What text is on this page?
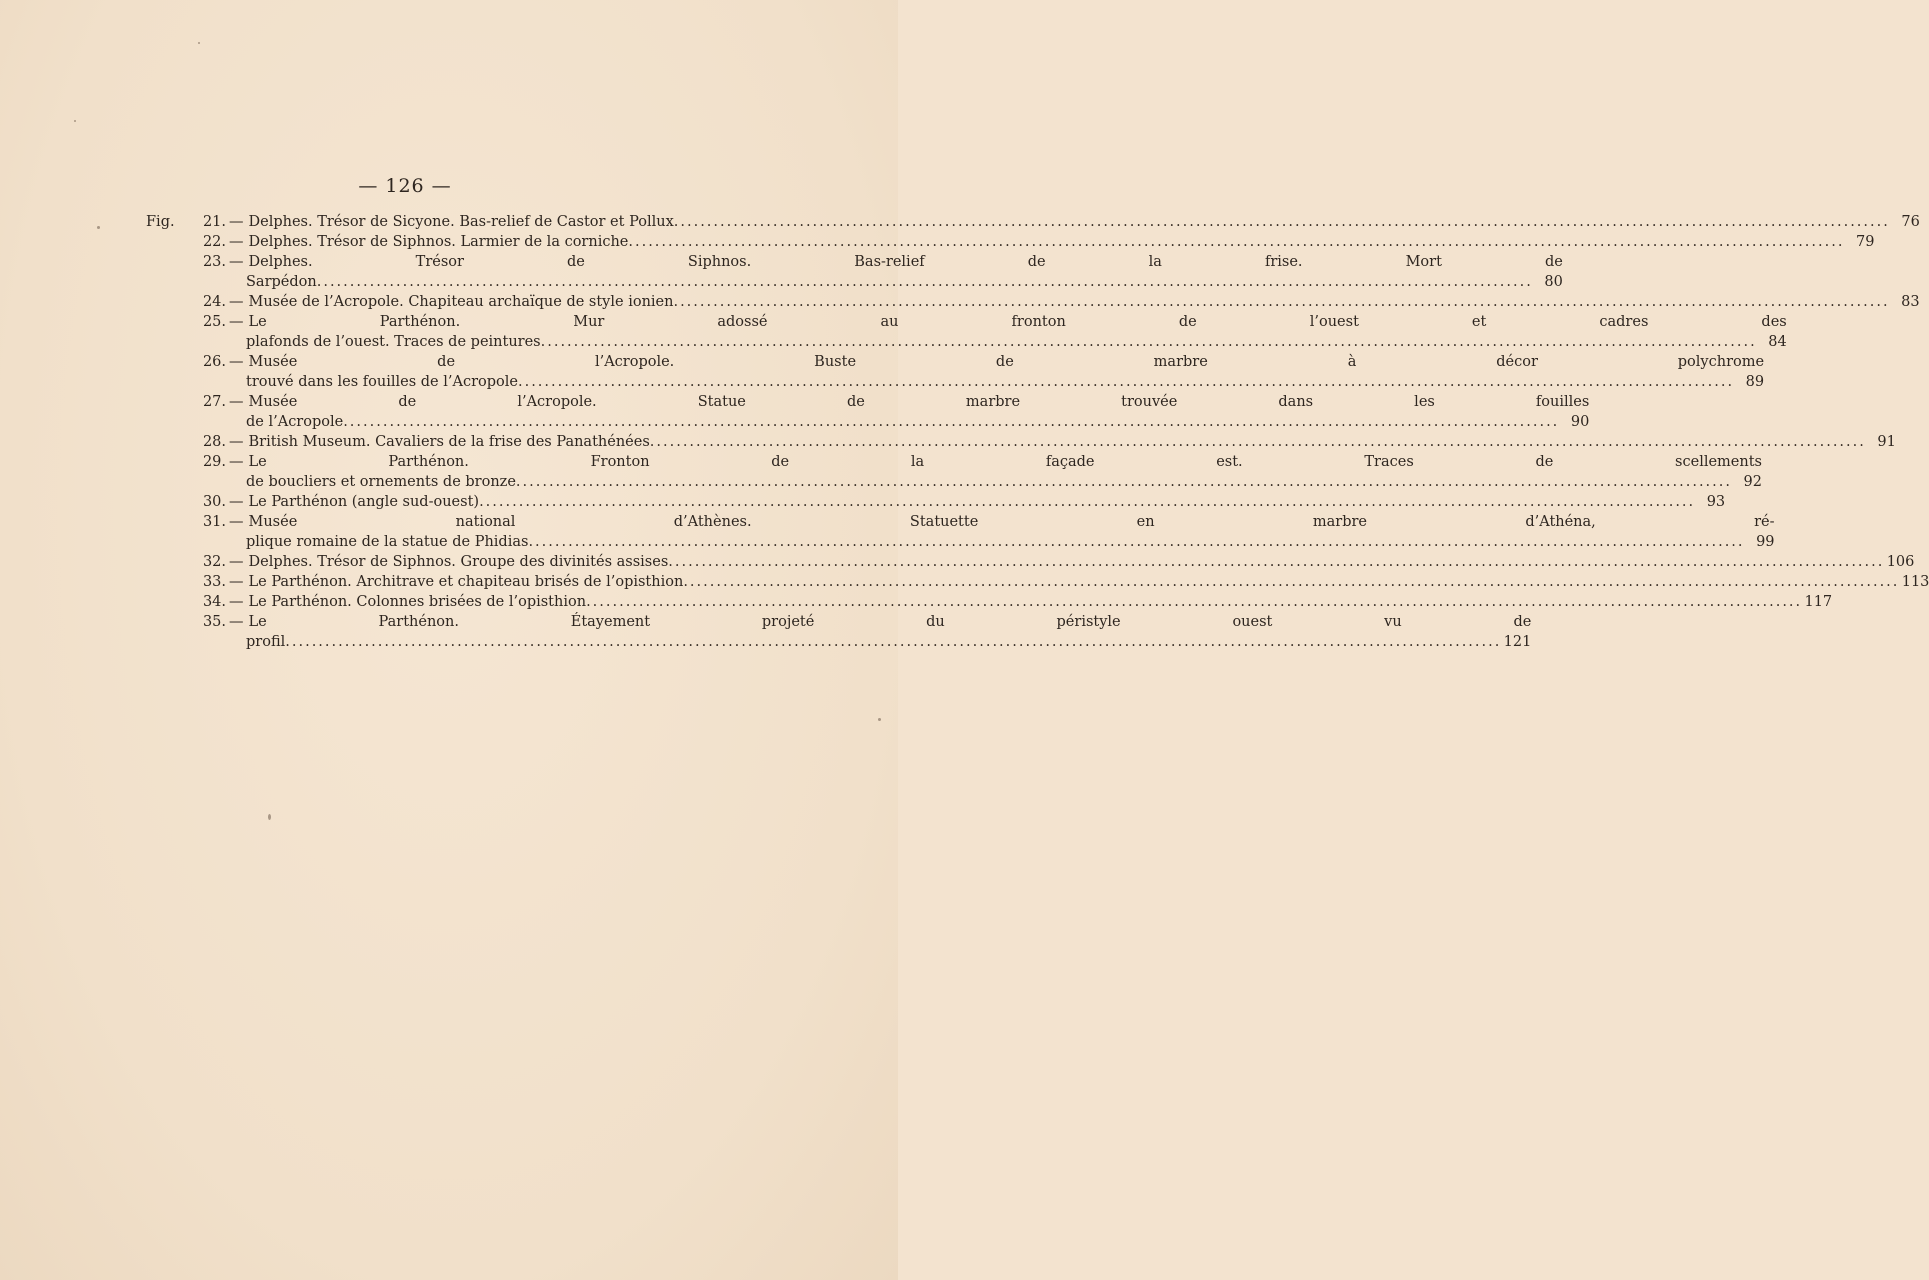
— 126 —
Fig.	21. — Delphes. Trésor de Sicyone. Bas-relief de Castor et Pollux .....	76
22. — Delphes. Trésor de Siphnos. Larmier de la corniche .....	79
23. — Delphes. Trésor de Siphnos. Bas-relief de la frise. Mort de
Sarpédon .....	80
24. — Musée de l’Acropole. Chapiteau archaïque de style ionien .....	83
25. — Le Parthénon. Mur adossé au fronton de l’ouest et cadres des
plafonds de l’ouest. Traces de peintures .....	84
26. — Musée de l’Acropole. Buste de marbre à décor polychrome
trouvé dans les fouilles de l’Acropole .....	89
27. — Musée de l’Acropole. Statue de marbre trouvée dans les fouilles
de l’Acropole .....	90
28. — British Museum. Cavaliers de la frise des Panathénées .....	91
29. — Le Parthénon. Fronton de la façade est. Traces de scellements
de boucliers et ornements de bronze .....	92
30. — Le Parthénon (angle sud-ouest) .....	93
31. — Musée national d’Athènes. Statuette en marbre d’Athéna, ré-
plique romaine de la statue de Phidias .....	99
32. — Delphes. Trésor de Siphnos. Groupe des divinités assises .....	106
33. — Le Parthénon. Architrave et chapiteau brisés de l’opisthion .....	113
34. — Le Parthénon. Colonnes brisées de l’opisthion .....	117
35. — Le Parthénon. Étayement projeté du péristyle ouest vu de
profil .....	121
